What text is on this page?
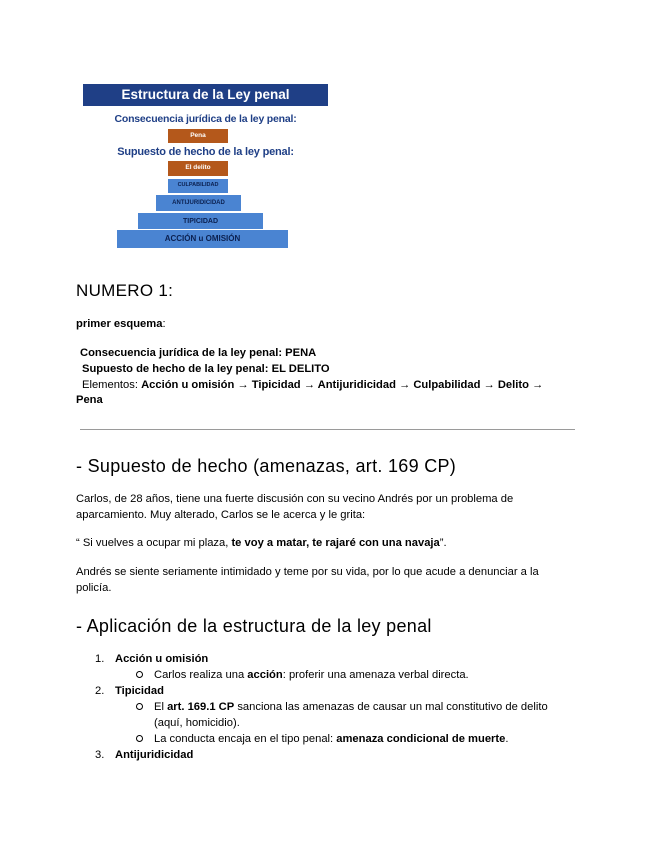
Estructura de la Ley penal
Consecuencia jurídica de la ley penal:
Pena
Supuesto de hecho de la ley penal:
El delito
CULPABILIDAD
ANTIJURIDICIDAD
TIPICIDAD
ACCIÓN u OMISIÓN
NUMERO 1:
primer esquema:
Consecuencia jurídica de la ley penal: PENA
Supuesto de hecho de la ley penal: EL DELITO
Elementos: Acción u omisión → Tipicidad → Antijuridicidad → Culpabilidad → Delito →
Pena
- Supuesto de hecho (amenazas, art. 169 CP)
Carlos, de 28 años, tiene una fuerte discusión con su vecino Andrés por un problema de
aparcamiento. Muy alterado, Carlos se le acerca y le grita:
“ Si vuelves a ocupar mi plaza, te voy a matar, te rajaré con una navaja”.
Andrés se siente seriamente intimidado y teme por su vida, por lo que acude a denunciar a la
policía.
- Aplicación de la estructura de la ley penal
1. Acción u omisión
Carlos realiza una acción: proferir una amenaza verbal directa.
2. Tipicidad
El art. 169.1 CP sanciona las amenazas de causar un mal constitutivo de delito
(aquí, homicidio).
La conducta encaja en el tipo penal: amenaza condicional de muerte.
3. Antijuridicidad
